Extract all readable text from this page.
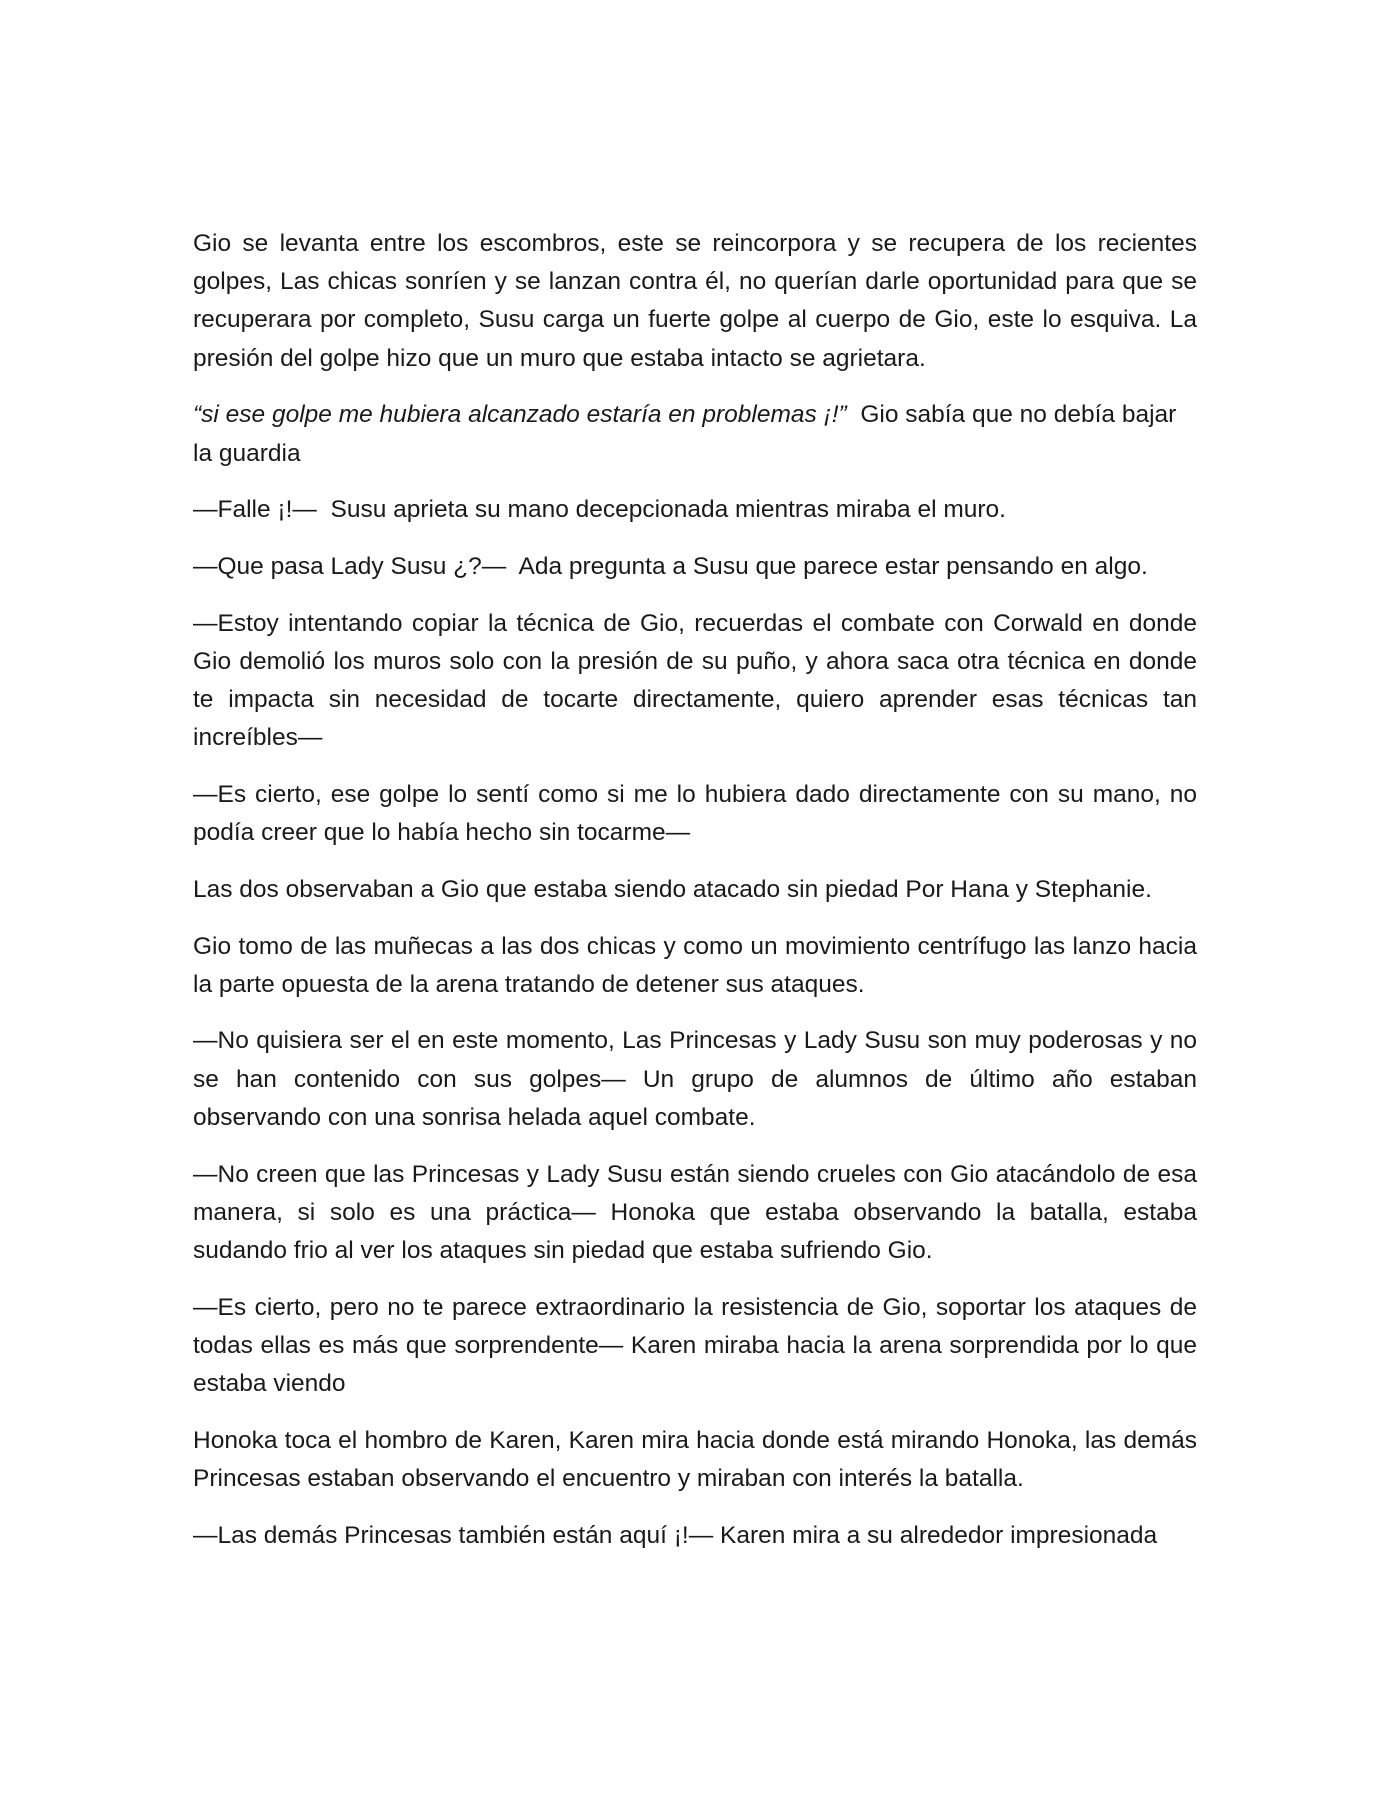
Gio se levanta entre los escombros, este se reincorpora y se recupera de los recientes golpes, Las chicas sonríen y se lanzan contra él, no querían darle oportunidad para que se recuperara por completo, Susu carga un fuerte golpe al cuerpo de Gio, este lo esquiva. La presión del golpe hizo que un muro que estaba intacto se agrietara.

“si ese golpe me hubiera alcanzado estaría en problemas ¡!”  Gio sabía que no debía bajar la guardia

—Falle ¡!—  Susu aprieta su mano decepcionada mientras miraba el muro.

—Que pasa Lady Susu ¿?—  Ada pregunta a Susu que parece estar pensando en algo.

—Estoy intentando copiar la técnica de Gio, recuerdas el combate con Corwald en donde Gio demolió los muros solo con la presión de su puño, y ahora saca otra técnica en donde te impacta sin necesidad de tocarte directamente, quiero aprender esas técnicas tan increíbles—

—Es cierto, ese golpe lo sentí como si me lo hubiera dado directamente con su mano, no podía creer que lo había hecho sin tocarme—

Las dos observaban a Gio que estaba siendo atacado sin piedad Por Hana y Stephanie.

Gio tomo de las muñecas a las dos chicas y como un movimiento centrífugo las lanzo hacia la parte opuesta de la arena tratando de detener sus ataques.

—No quisiera ser el en este momento, Las Princesas y Lady Susu son muy poderosas y no se han contenido con sus golpes— Un grupo de alumnos de último año estaban observando con una sonrisa helada aquel combate.

—No creen que las Princesas y Lady Susu están siendo crueles con Gio atacándolo de esa manera, si solo es una práctica— Honoka que estaba observando la batalla, estaba sudando frio al ver los ataques sin piedad que estaba sufriendo Gio.

—Es cierto, pero no te parece extraordinario la resistencia de Gio, soportar los ataques de todas ellas es más que sorprendente— Karen miraba hacia la arena sorprendida por lo que estaba viendo

Honoka toca el hombro de Karen, Karen mira hacia donde está mirando Honoka, las demás Princesas estaban observando el encuentro y miraban con interés la batalla.

—Las demás Princesas también están aquí ¡!— Karen mira a su alrededor impresionada
